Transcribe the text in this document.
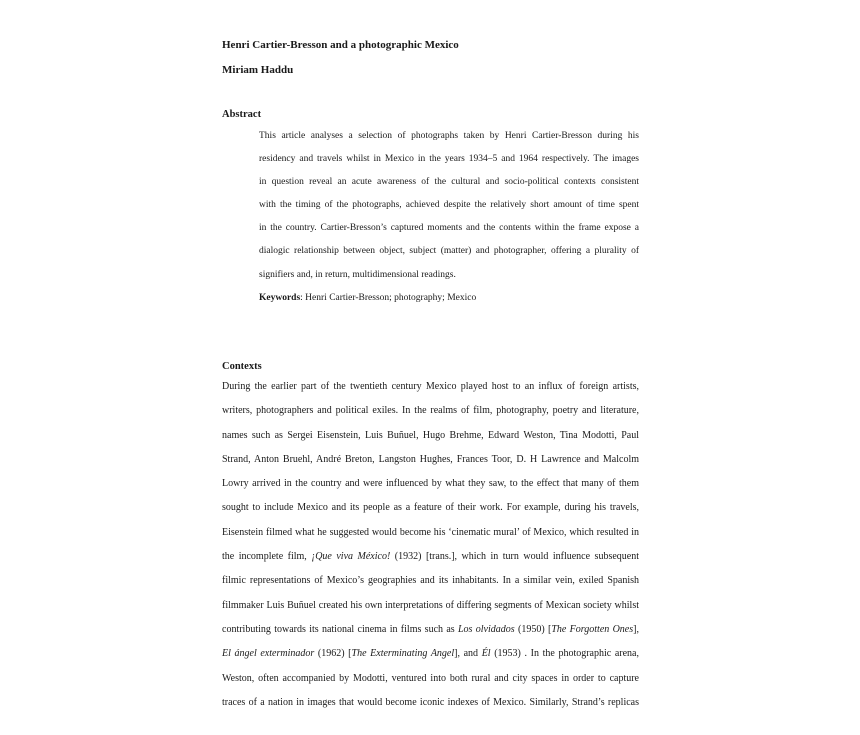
Henri Cartier-Bresson and a photographic Mexico
Miriam Haddu
Abstract
This article analyses a selection of photographs taken by Henri Cartier-Bresson during his
residency and travels whilst in Mexico in the years 1934–5 and 1964 respectively. The images
in question reveal an acute awareness of the cultural and socio-political contexts consistent
with the timing of the photographs, achieved despite the relatively short amount of time spent
in the country. Cartier-Bresson’s captured moments and the contents within the frame expose a
dialogic relationship between object, subject (matter) and photographer, offering a plurality of
signifiers and, in return, multidimensional readings.
Keywords: Henri Cartier-Bresson; photography; Mexico
Contexts
During the earlier part of the twentieth century Mexico played host to an influx of foreign artists,
writers, photographers and political exiles. In the realms of film, photography, poetry and literature,
names such as Sergei Eisenstein, Luis Buñuel, Hugo Brehme, Edward Weston, Tina Modotti, Paul
Strand, Anton Bruehl, André Breton, Langston Hughes, Frances Toor, D. H Lawrence and Malcolm
Lowry arrived in the country and were influenced by what they saw, to the effect that many of them
sought to include Mexico and its people as a feature of their work. For example, during his travels,
Eisenstein filmed what he suggested would become his ‘cinematic mural’ of Mexico, which resulted in
the incomplete film, ¡Que viva México! (1932) [trans.], which in turn would influence subsequent
filmic representations of Mexico’s geographies and its inhabitants. In a similar vein, exiled Spanish
filmmaker Luis Buñuel created his own interpretations of differing segments of Mexican society whilst
contributing towards its national cinema in films such as Los olvidados (1950) [The Forgotten Ones],
El ángel exterminador (1962) [The Exterminating Angel], and Él (1953) . In the photographic arena,
Weston, often accompanied by Modotti, ventured into both rural and city spaces in order to capture
traces of a nation in images that would become iconic indexes of Mexico. Similarly, Strand’s replicas
